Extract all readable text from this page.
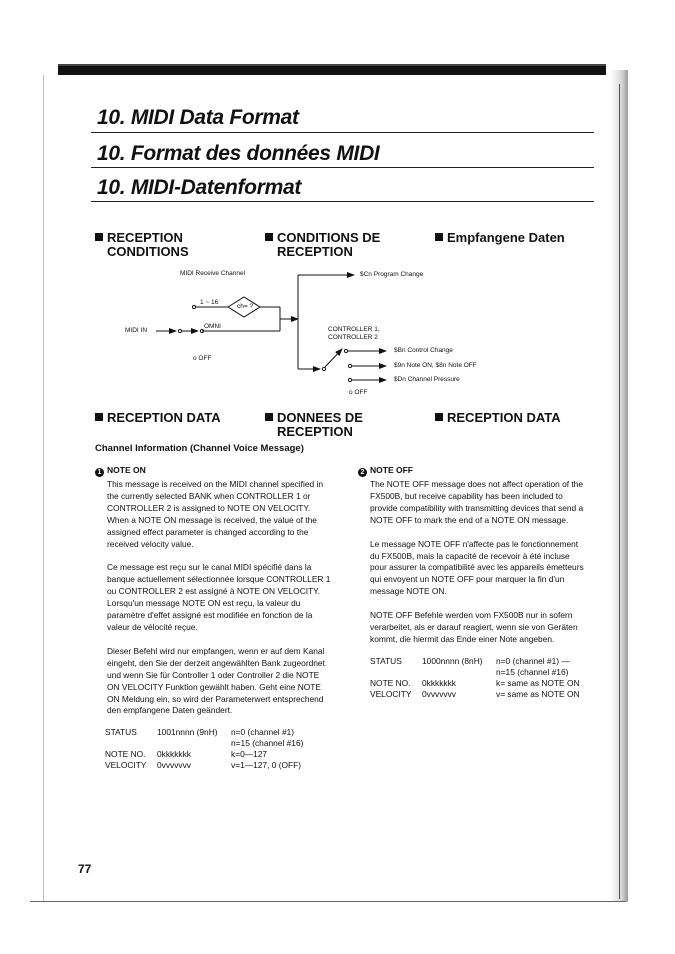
10. MIDI Data Format
10. Format des données MIDI
10. MIDI-Datenformat
RECEPTION
CONDITIONS
CONDITIONS DE
RECEPTION
Empfangene Daten
MIDI Receive Channel
1 ~ 16
ch= ?
OMNI
MIDI IN
o OFF
$Cn Program Change
CONTROLLER 1,
CONTROLLER 2
$Bn Control Change
$9n Note ON, $8n Note OFF
$Dn Channel Pressure
o OFF
RECEPTION DATA	DONNEES DE
RECEPTION
RECEPTION DATA
Channel Information (Channel Voice Message)
1 NOTE ON

This message is received on the MIDI channel specified in the currently selected BANK when CONTROLLER 1 or CONTROLLER 2 is assigned to NOTE ON VELOCITY. When a NOTE ON message is received, the value of the assigned effect parameter is changed according to the received velocity value.

Ce message est reçu sur le canal MIDI spécifié dans la banque actuellement sélectionnée lorsque CONTROLLER 1 ou CONTROLLER 2 est assigné à NOTE ON VELOCITY. Lorsqu'un message NOTE ON est reçu, la valeur du paramètre d'effet assigné est modifiée en fonction de la valeur de vélocité reçue.

Dieser Befehl wird nur empfangen, wenn er auf dem Kanal eingeht, den Sie der derzeit angewählten Bank zugeordnet und wenn Sie für Controller 1 oder Controller 2 die NOTE ON VELOCITY Funktion gewählt haben. Geht eine NOTE ON Meldung ein, so wird der Parameterwert entsprechend den empfangene Daten geändert.

STATUS	1001nnnn (9nH)	n=0 (channel #1)
		n=15 (channel #16)
NOTE NO.	0kkkkkkk	k=0—127
VELOCITY	0vvvvvvv	v=1—127, 0 (OFF)
2 NOTE OFF

The NOTE OFF message does not affect operation of the FX500B, but receive capability has been included to provide compatibility with transmitting devices that send a NOTE OFF to mark the end of a NOTE ON message.

Le message NOTE OFF n'affecte pas le fonctionnement du FX500B, mais la capacité de recevoir à été incluse pour assurer la compatibilité avec les appareils émetteurs qui envoyent un NOTE OFF pour marquer la fin d'un message NOTE ON.

NOTE OFF Befehle werden vom FX500B nur in sofern verarbeitet, als er darauf reagiert, wenn sie von Geräten kommt, die hiermit das Ende einer Note angeben.

STATUS	1000nnnn (8nH)	n=0 (channel #1) —
		n=15 (channel #16)
NOTE NO.	0kkkkkkk	k= same as NOTE ON
VELOCITY	0vvvvvvv	v= same as NOTE ON
77
